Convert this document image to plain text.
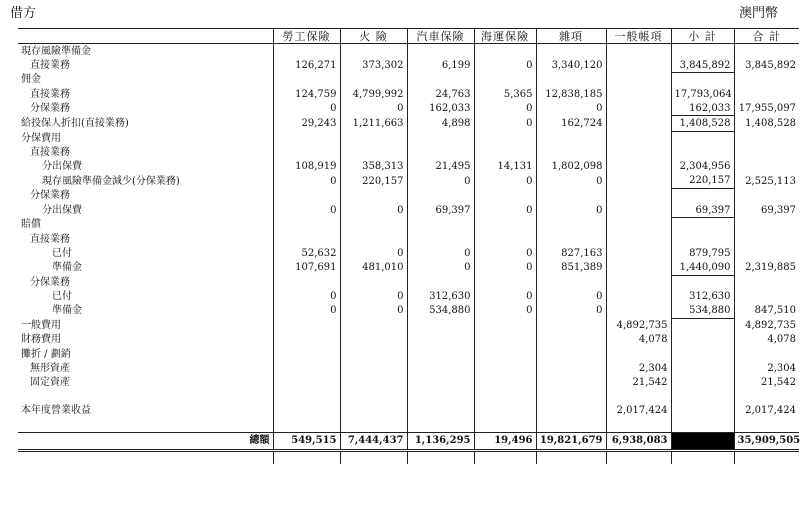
借方	澳門幣
	勞工保險	火 險	汽車保險	海運保險	雜項	一般帳項	小 計	合 計
現存風險準備金								
直接業務	126,271	373,302	6,199	0	3,340,120		3,845,892	3,845,892
佣金								
直接業務	124,759	4,799,992	24,763	5,365	12,838,185		17,793,064	
分保業務	0	0	162,033	0	0		162,033	17,955,097
給投保人折扣(直接業務)	29,243	1,211,663	4,898	0	162,724		1,408,528	1,408,528
分保費用								
直接業務								
分出保費	108,919	358,313	21,495	14,131	1,802,098		2,304,956	
現存風險準備金減少(分保業務)	0	220,157	0	0	0		220,157	2,525,113
分保業務								
分出保費	0	0	69,397	0	0		69,397	69,397
賠償								
直接業務								
已付	52,632	0	0	0	827,163		879,795	
準備金	107,691	481,010	0	0	851,389		1,440,090	2,319,885
分保業務								
已付	0	0	312,630	0	0		312,630	
準備金	0	0	534,880	0	0		534,880	847,510
一般費用						4,892,735		4,892,735
財務費用						4,078		4,078
攤折 / 劃銷								
無形資產						2,304		2,304
固定資產						21,542		21,542

本年度營業收益						2,017,424		2,017,424

總額	549,515	7,444,437	1,136,295	19,496	19,821,679	6,938,083		35,909,505
